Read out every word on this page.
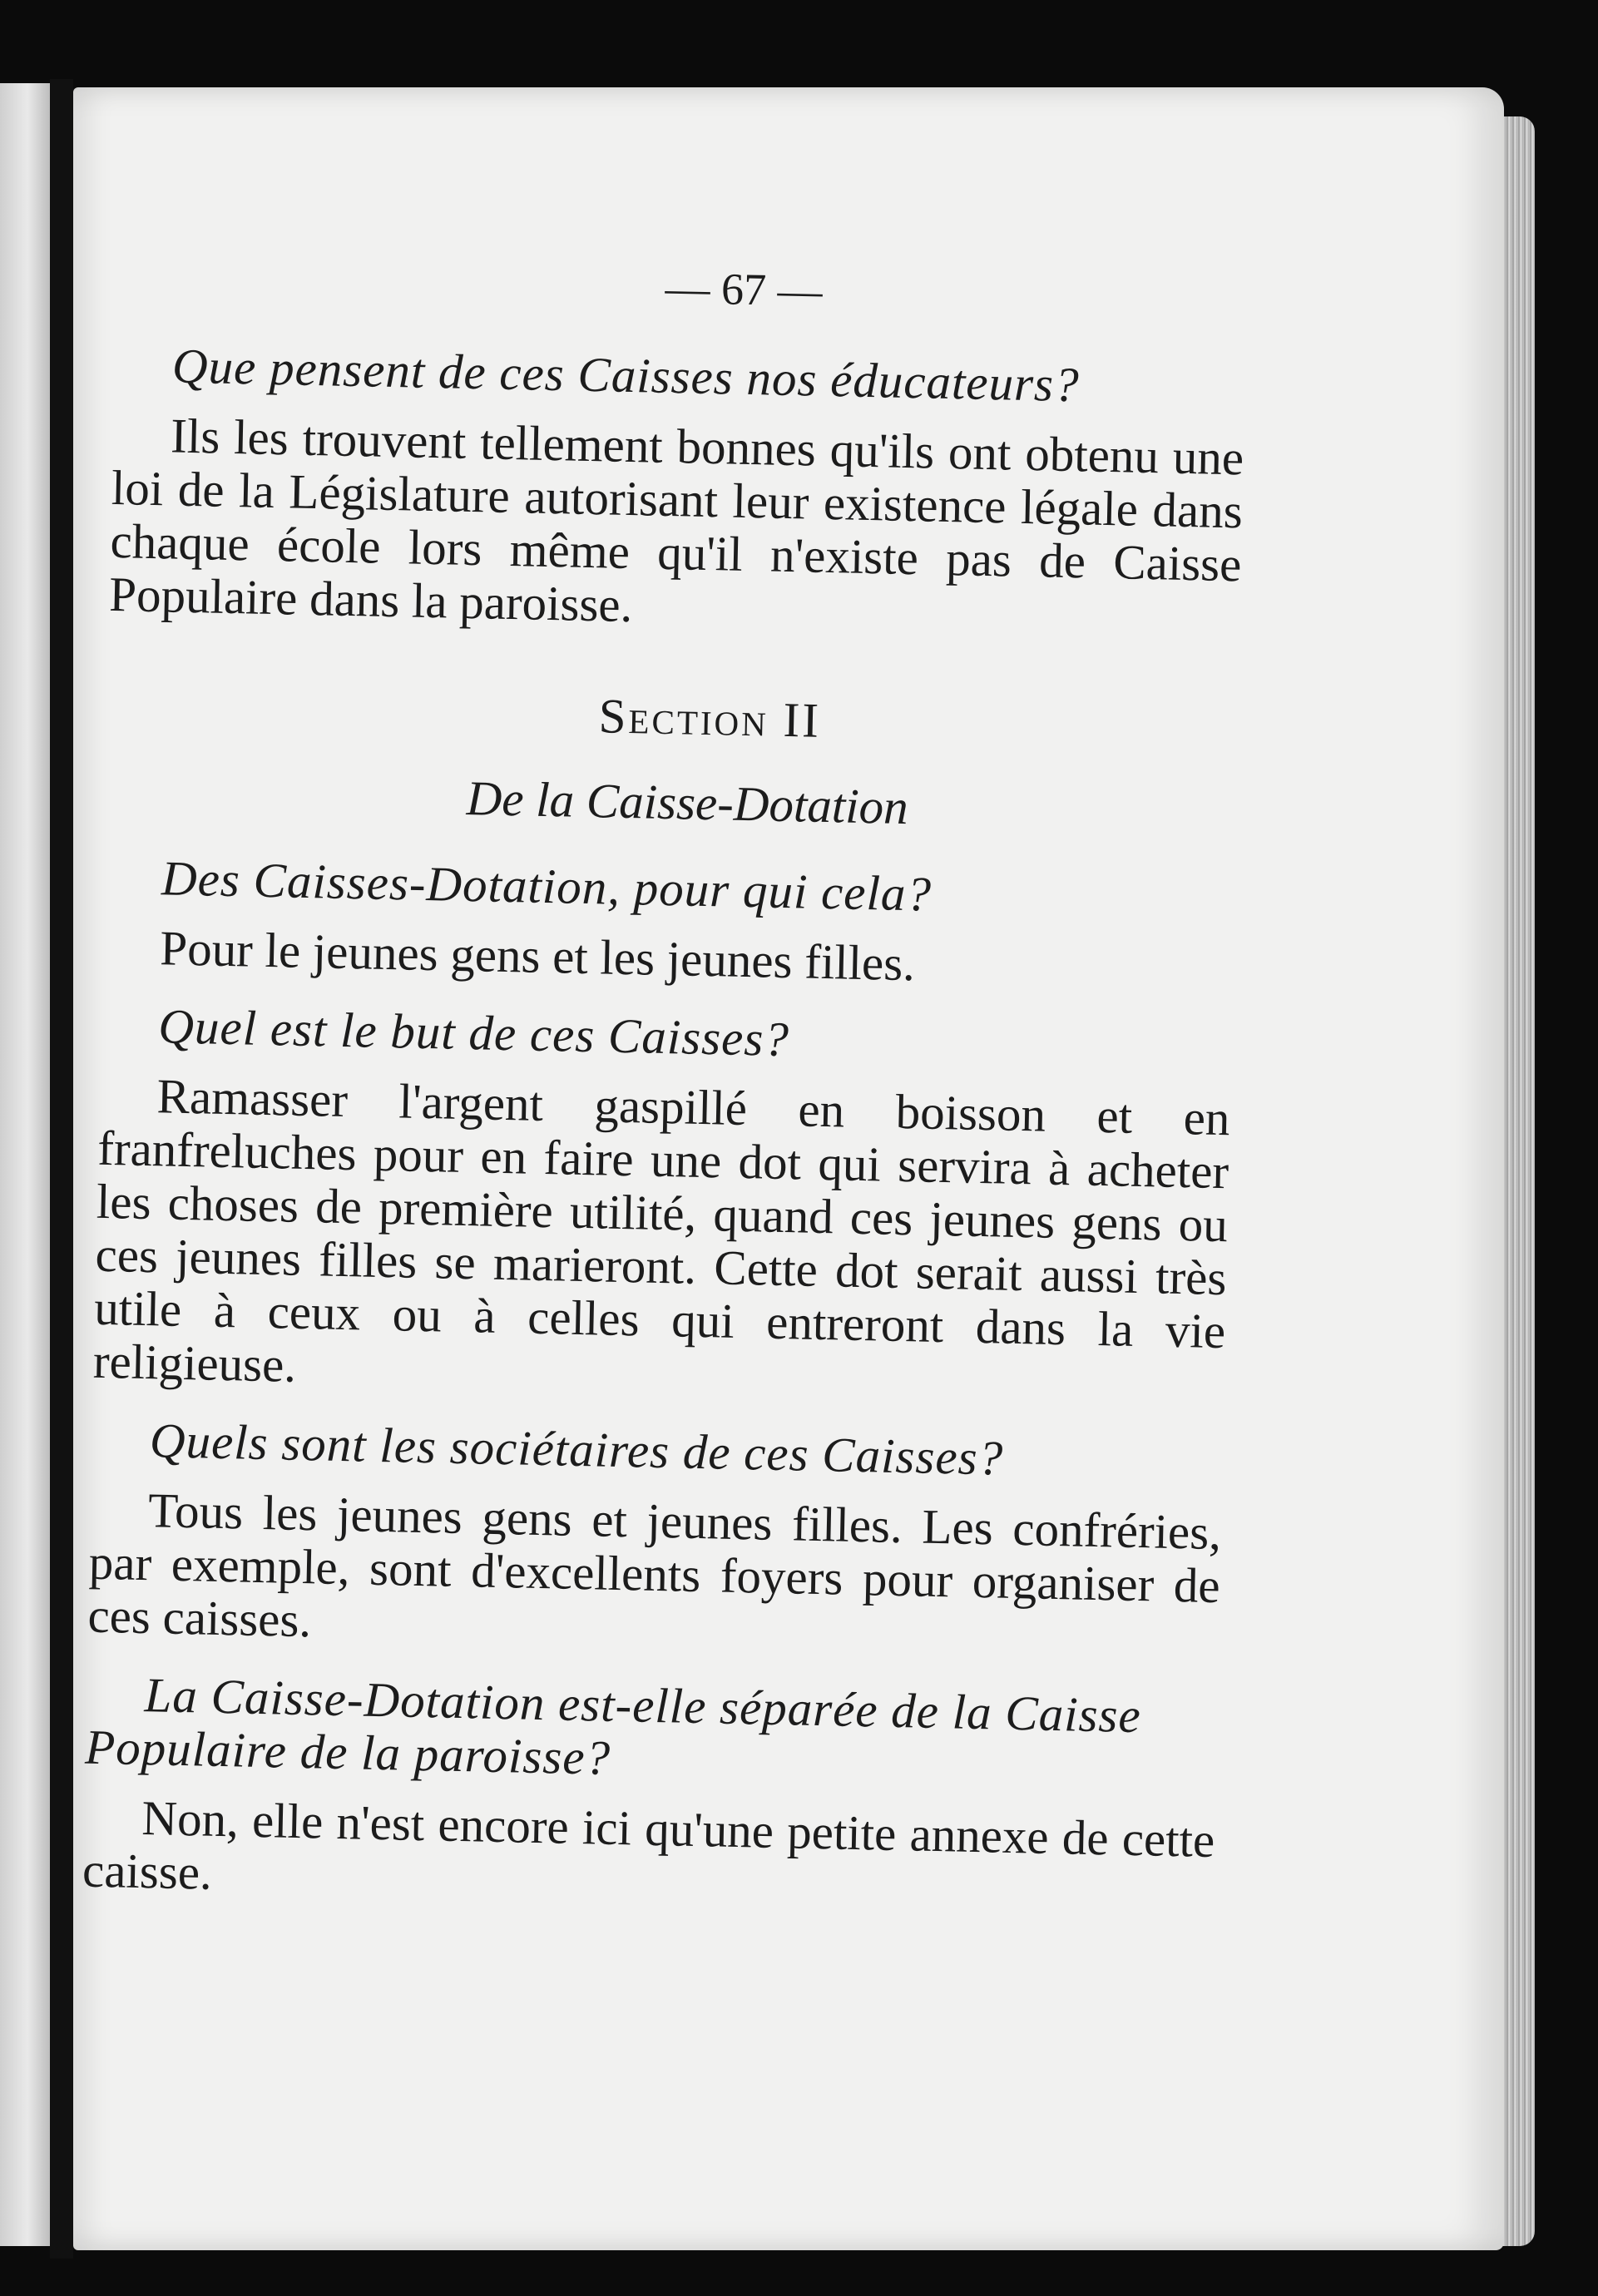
— 67 —

Que pensent de ces Caisses nos éducateurs?

Ils les trouvent tellement bonnes qu'ils ont obtenu une loi de la Législature autorisant leur existence légale dans chaque école lors même qu'il n'existe pas de Caisse Populaire dans la paroisse.

Section II
De la Caisse-Dotation

Des Caisses-Dotation, pour qui cela?

Pour le jeunes gens et les jeunes filles.

Quel est le but de ces Caisses?

Ramasser l'argent gaspillé en boisson et en franfreluches pour en faire une dot qui servira à acheter les choses de première utilité, quand ces jeunes gens ou ces jeunes filles se marieront. Cette dot serait aussi très utile à ceux ou à celles qui entreront dans la vie religieuse.

Quels sont les sociétaires de ces Caisses?

Tous les jeunes gens et jeunes filles. Les confréries, par exemple, sont d'excellents foyers pour organiser de ces caisses.

La Caisse-Dotation est-elle séparée de la Caisse Populaire de la paroisse?

Non, elle n'est encore ici qu'une petite annexe de cette caisse.
